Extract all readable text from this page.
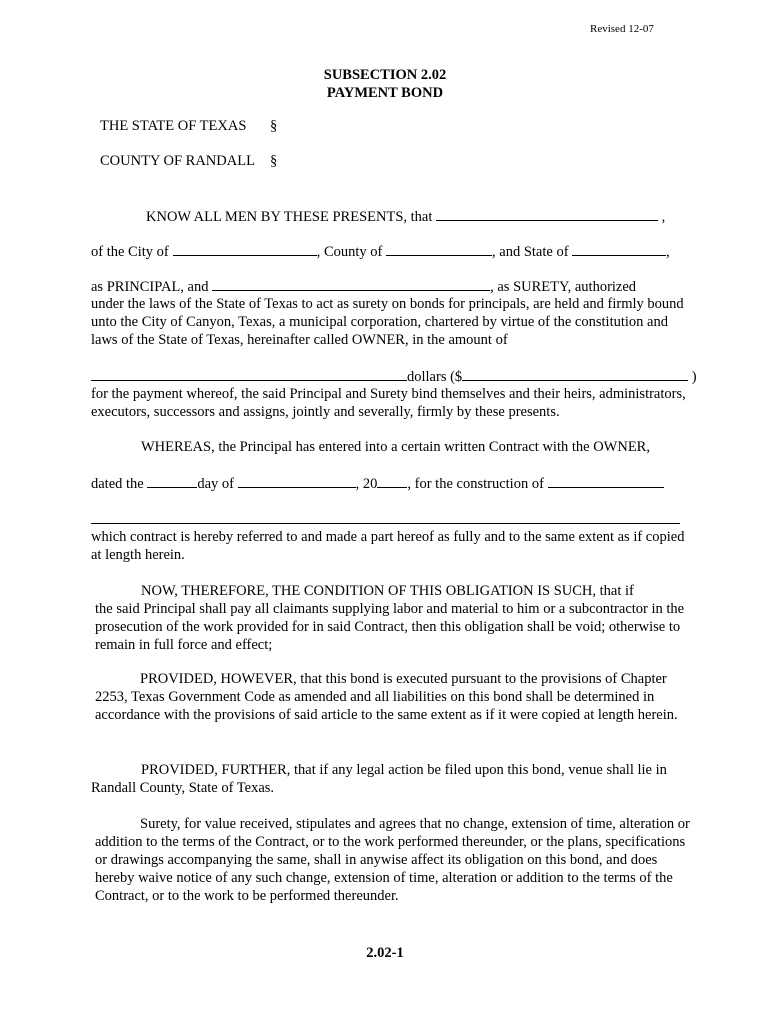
Revised 12-07
SUBSECTION 2.02
PAYMENT BOND
THE STATE OF TEXAS §
COUNTY OF RANDALL §
KNOW ALL MEN BY THESE PRESENTS, that	,
of the City of	, County of	, and State of	,
as PRINCIPAL, and	, as SURETY, authorized
under the laws of the State of Texas to act as surety on bonds for principals, are held and firmly bound unto the City of Canyon, Texas, a municipal corporation, chartered by virtue of the constitution and laws of the State of Texas, hereinafter called OWNER, in the amount of
dollars ($	)
for the payment whereof, the said Principal and Surety bind themselves and their heirs, administrators, executors, successors and assigns, jointly and severally, firmly by these presents.
WHEREAS, the Principal has entered into a certain written Contract with the OWNER,
dated the	day of	, 20 , for the construction of
which contract is hereby referred to and made a part hereof as fully and to the same extent as if copied at length herein.
NOW, THEREFORE, THE CONDITION OF THIS OBLIGATION IS SUCH, that if
the said Principal shall pay all claimants supplying labor and material to him or a subcontractor in the prosecution of the work provided for in said Contract, then this obligation shall be void; otherwise to remain in full force and effect;
PROVIDED, HOWEVER, that this bond is executed pursuant to the provisions of Chapter 2253, Texas Government Code as amended and all liabilities on this bond shall be determined in accordance with the provisions of said article to the same extent as if it were copied at length herein.
PROVIDED, FURTHER, that if any legal action be filed upon this bond, venue shall lie in Randall County, State of Texas.
Surety, for value received, stipulates and agrees that no change, extension of time, alteration or addition to the terms of the Contract, or to the work performed thereunder, or the plans, specifications or drawings accompanying the same, shall in anywise affect its obligation on this bond, and does hereby waive notice of any such change, extension of time, alteration or addition to the terms of the Contract, or to the work to be performed thereunder.
2.02-1
